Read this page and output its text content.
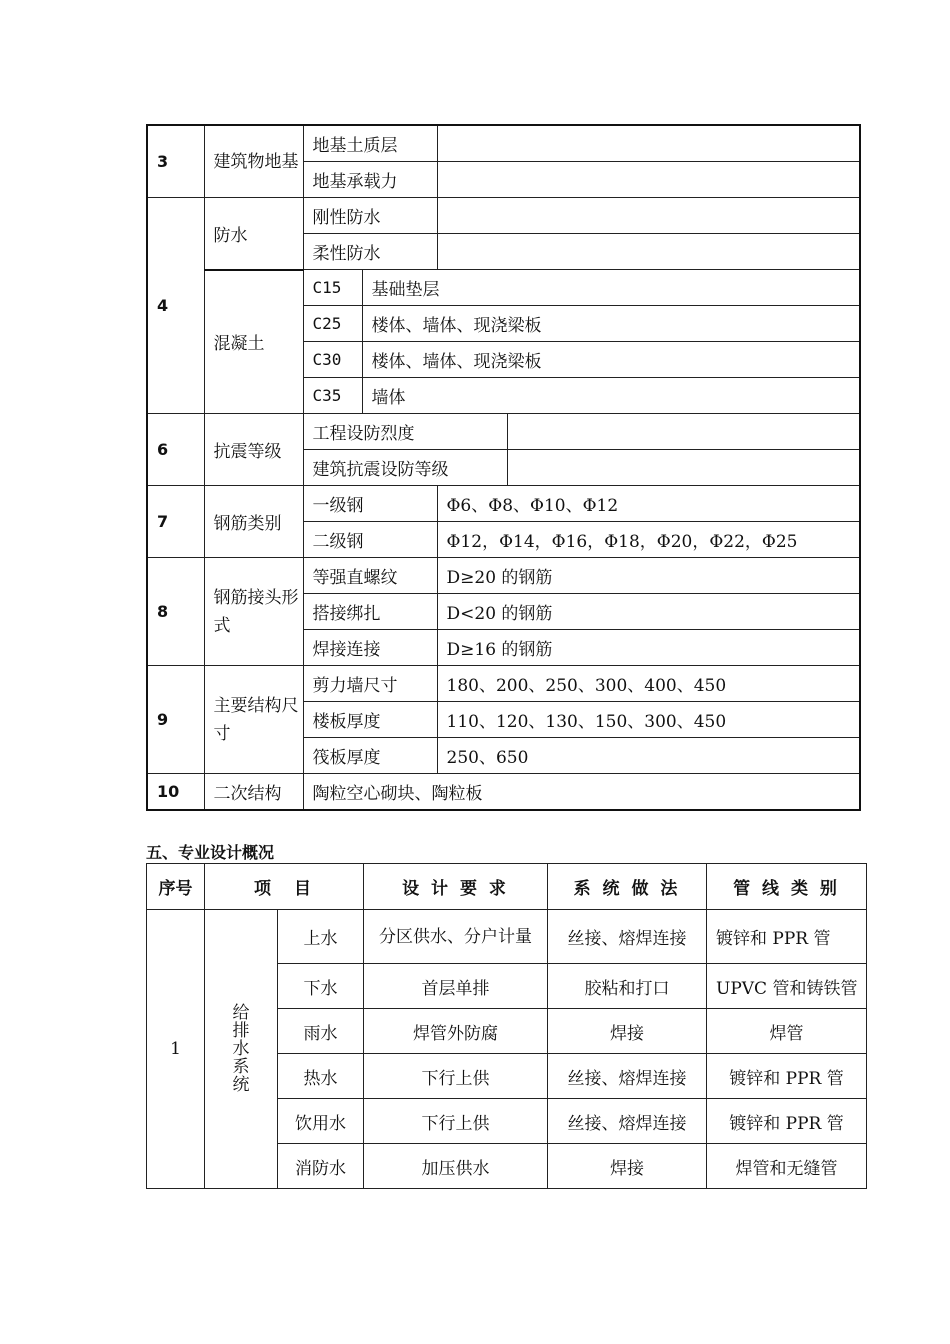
3	建筑物地基	地基土质层			
		地基承载力			
4	防水	刚性防水			
		柔性防水			
	混凝土	C15	基础垫层		
		C25	楼体、墙体、现浇梁板		
		C30	楼体、墙体、现浇梁板		
		C35	墙体		
6	抗震等级	工程设防烈度			
		建筑抗震设防等级			
7	钢筋类别	一级钢		Φ6、Φ8、Φ10、Φ12	
		二级钢		Φ12，Φ14，Φ16，Φ18，Φ20，Φ22，Φ25	
8	钢筋接头形式	等强直螺纹		D≥20 的钢筋	
		搭接绑扎		D<20 的钢筋	
		焊接连接		D≥16 的钢筋	
9	主要结构尺寸	剪力墙尺寸		180、200、250、300、400、450	
		楼板厚度		110、120、130、150、300、450	
		筏板厚度		250、650	
10	二次结构	陶粒空心砌块、陶粒板			
五、专业设计概况
序号	项　目		设 计 要 求	系 统 做 法	管 线 类 别
1	给排水系统	上水	分区供水、分户计量	丝接、熔焊连接	镀锌和 PPR 管
		下水	首层单排	胶粘和打口	UPVC 管和铸铁管
		雨水	焊管外防腐	焊接	焊管
		热水	下行上供	丝接、熔焊连接	镀锌和 PPR 管
		饮用水	下行上供	丝接、熔焊连接	镀锌和 PPR 管
		消防水	加压供水	焊接	焊管和无缝管
